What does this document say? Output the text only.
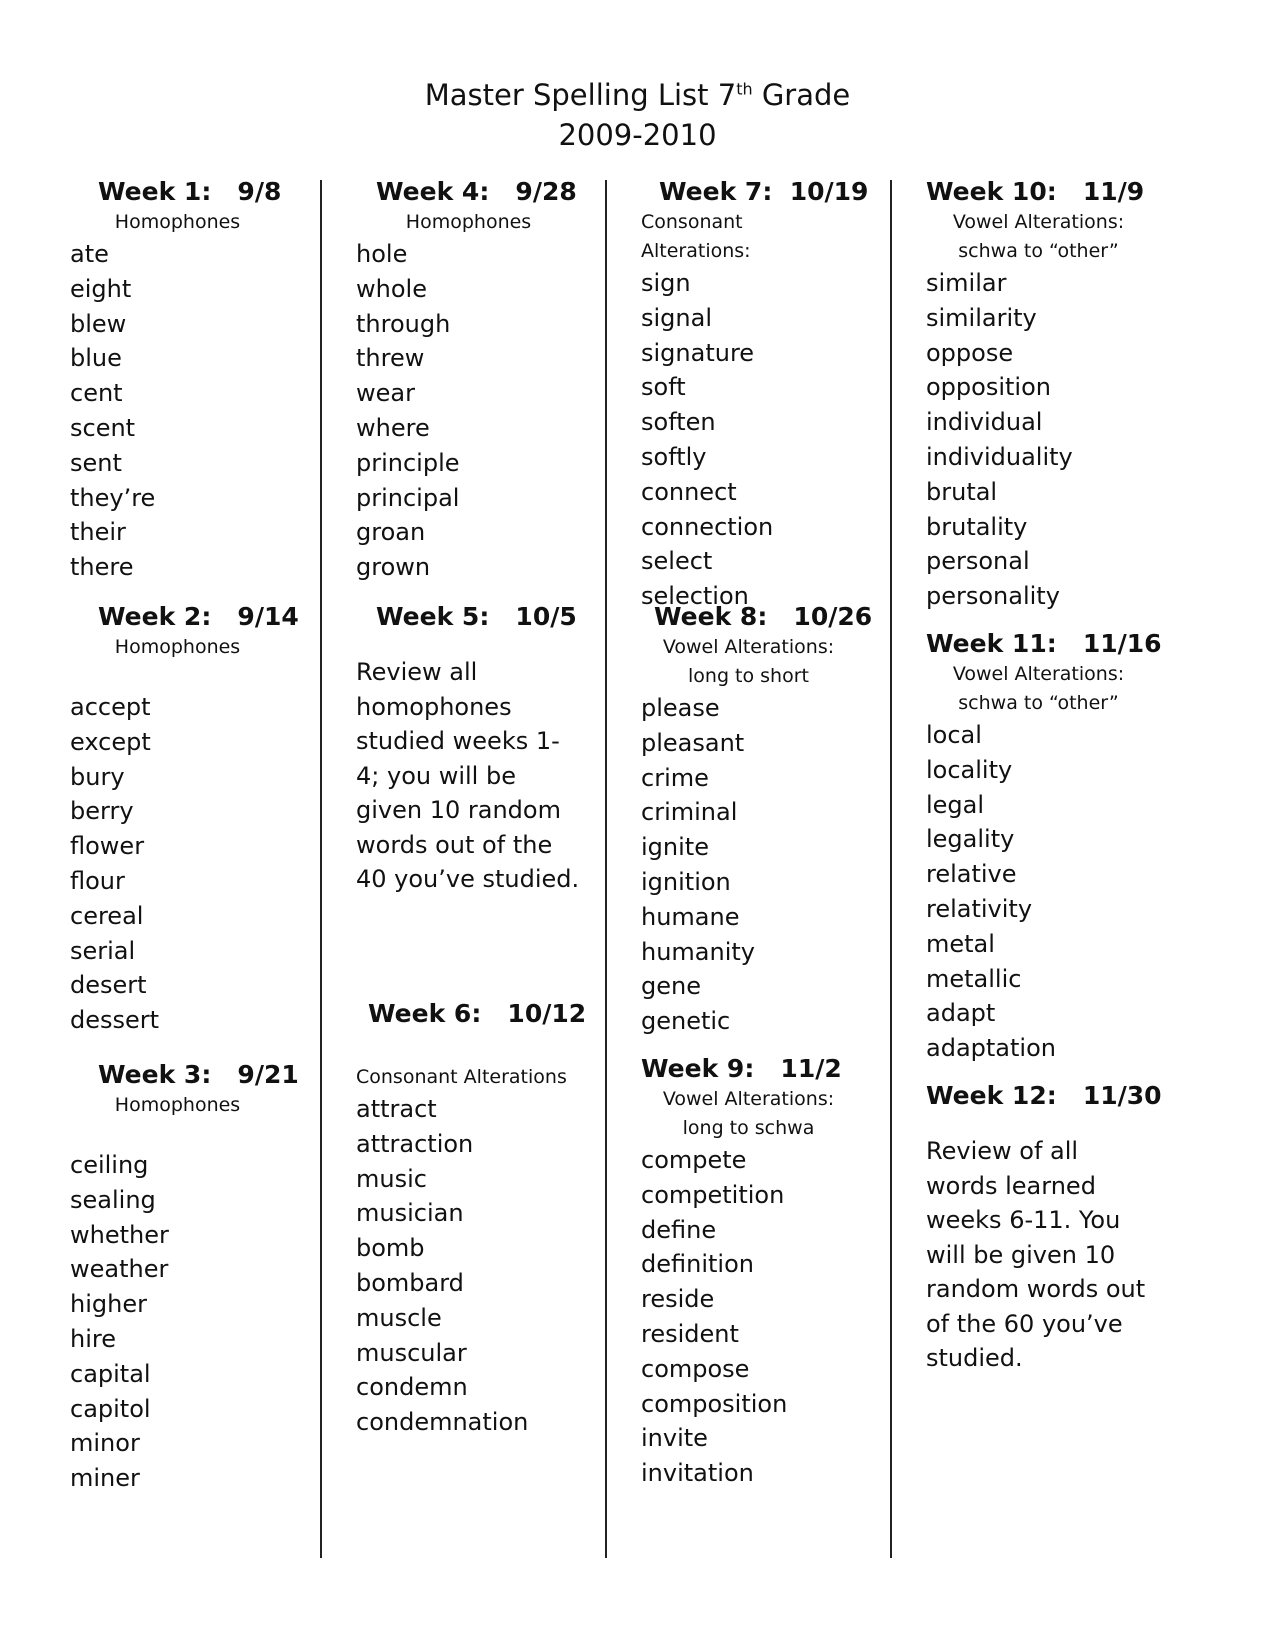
Master Spelling List 7th Grade
2009-2010
Week 1:   9/8
Homophones
ate
eight
blew
blue
cent
scent
sent
they’re
their
there
Week 2:   9/14
Homophones
accept
except
bury
berry
flower
flour
cereal
serial
desert
dessert
Week 3:   9/21
Homophones
ceiling
sealing
whether
weather
higher
hire
capital
capitol
minor
miner
Week 4:   9/28
Homophones
hole
whole
through
threw
wear
where
principle
principal
groan
grown
Week 5:   10/5
Review all homophones studied weeks 1-4; you will be given 10 random words out of the 40 you’ve studied.
Week 6:   10/12
Consonant Alterations
attract
attraction
music
musician
bomb
bombard
muscle
muscular
condemn
condemnation
Week 7:  10/19
Consonant Alterations:
sign
signal
signature
soft
soften
softly
connect
connection
select
selection
Week 8:   10/26
Vowel Alterations:
long to short
please
pleasant
crime
criminal
ignite
ignition
humane
humanity
gene
genetic
Week 9:   11/2
Vowel Alterations:
long to schwa
compete
competition
define
definition
reside
resident
compose
composition
invite
invitation
Week 10:   11/9
Vowel Alterations:
schwa to “other”
similar
similarity
oppose
opposition
individual
individuality
brutal
brutality
personal
personality
Week 11:   11/16
Vowel Alterations:
schwa to “other”
local
locality
legal
legality
relative
relativity
metal
metallic
adapt
adaptation
Week 12:   11/30
Review of all words learned weeks 6-11. You will be given 10 random words out of the 60 you’ve studied.
